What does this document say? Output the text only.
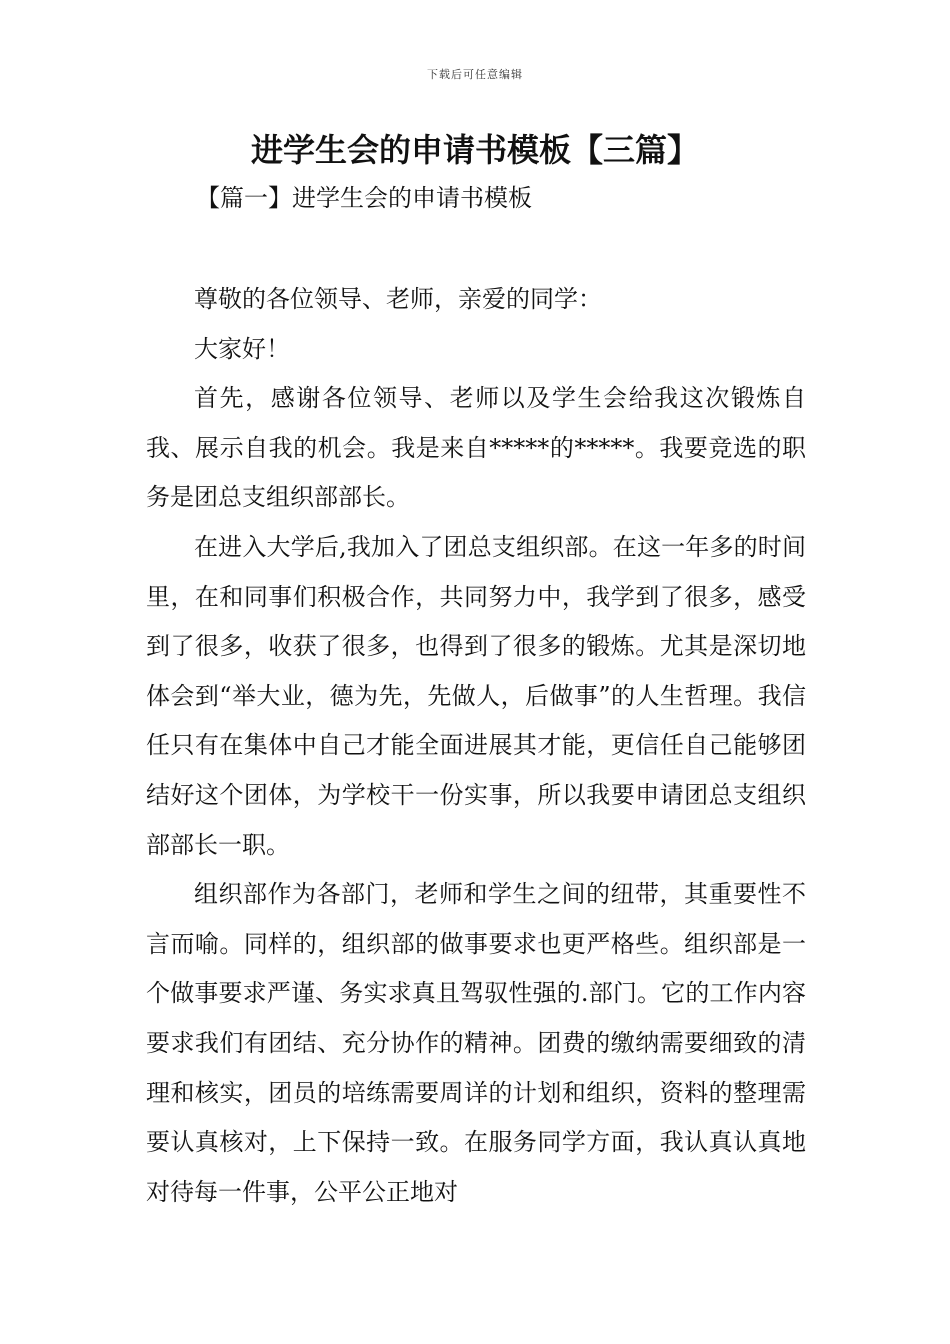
下载后可任意编辑
进学生会的申请书模板【三篇】
【篇一】进学生会的申请书模板

尊敬的各位领导、老师，亲爱的同学：

大家好！

首先，感谢各位领导、老师以及学生会给我这次锻炼自我、展示自我的机会。我是来自*****的*****。我要竞选的职务是团总支组织部部长。

在进入大学后,我加入了团总支组织部。在这一年多的时间里，在和同事们积极合作，共同努力中，我学到了很多，感受到了很多，收获了很多，也得到了很多的锻炼。尤其是深切地体会到“举大业，德为先，先做人，后做事”的人生哲理。我信任只有在集体中自己才能全面进展其才能，更信任自己能够团结好这个团体，为学校干一份实事，所以我要申请团总支组织部部长一职。

组织部作为各部门，老师和学生之间的纽带，其重要性不言而喻。同样的，组织部的做事要求也更严格些。组织部是一个做事要求严谨、务实求真且驾驭性强的.部门。它的工作内容要求我们有团结、充分协作的精神。团费的缴纳需要细致的清理和核实，团员的培练需要周详的计划和组织，资料的整理需要认真核对，上下保持一致。在服务同学方面，我认真认真地对待每一件事，公平公正地对
